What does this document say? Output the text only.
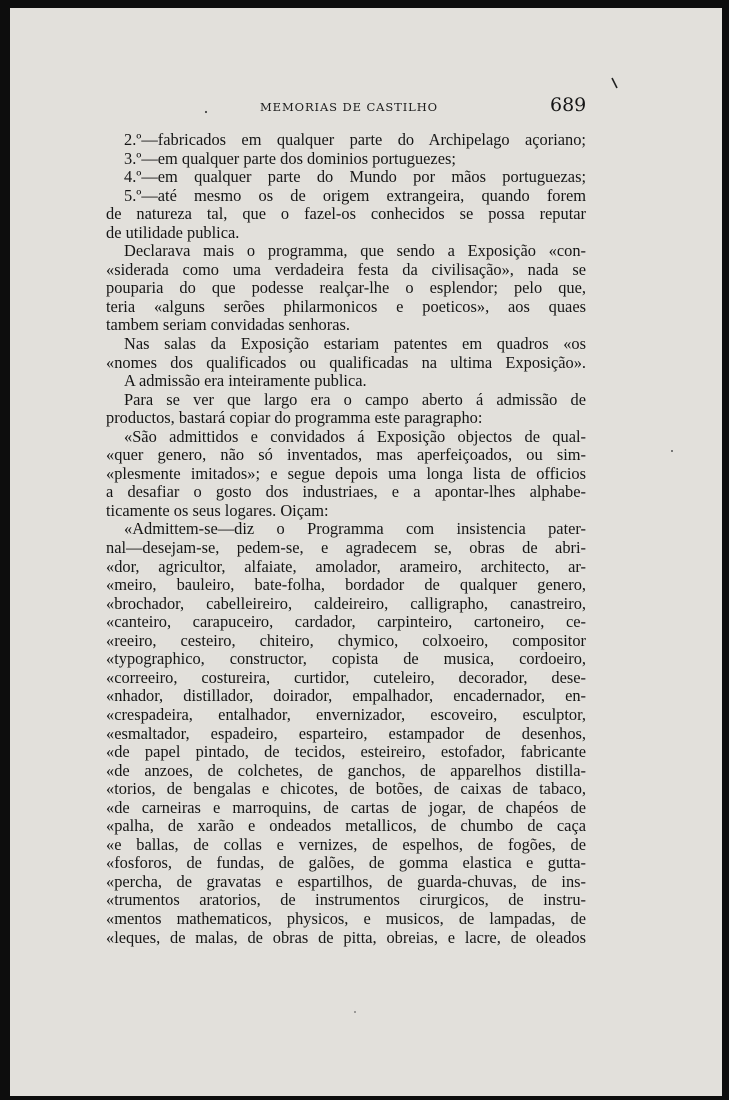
MEMORIAS DE CASTILHO	689
2.º—fabricados em qualquer parte do Archipelago açoriano;
3.º—em qualquer parte dos dominios portuguezes;
4.º—em qualquer parte do Mundo por mãos portuguezas;
5.º—até mesmo os de origem extrangeira, quando forem
de natureza tal, que o fazel-os conhecidos se possa reputar
de utilidade publica.
Declarava mais o programma, que sendo a Exposição «con-
«siderada como uma verdadeira festa da civilisação», nada se
pouparia do que podesse realçar-lhe o esplendor; pelo que,
teria «alguns serões philarmonicos e poeticos», aos quaes
tambem seriam convidadas senhoras.
Nas salas da Exposição estariam patentes em quadros «os
«nomes dos qualificados ou qualificadas na ultima Exposição».
A admissão era inteiramente publica.
Para se ver que largo era o campo aberto á admissão de
productos, bastará copiar do programma este paragrapho:
«São admittidos e convidados á Exposição objectos de qual-
«quer genero, não só inventados, mas aperfeiçoados, ou sim-
«plesmente imitados»; e segue depois uma longa lista de officios
a desafiar o gosto dos industriaes, e a apontar-lhes alphabe-
ticamente os seus logares. Oiçam:
«Admittem-se—diz o Programma com insistencia pater-
nal—desejam-se, pedem-se, e agradecem se, obras de abri-
«dor, agricultor, alfaiate, amolador, arameiro, architecto, ar-
«meiro, bauleiro, bate-folha, bordador de qualquer genero,
«brochador, cabelleireiro, caldeireiro, calligrapho, canastreiro,
«canteiro, carapuceiro, cardador, carpinteiro, cartoneiro, ce-
«reeiro, cesteiro, chiteiro, chymico, colxoeiro, compositor
«typographico, constructor, copista de musica, cordoeiro,
«correeiro, costureira, curtidor, cuteleiro, decorador, dese-
«nhador, distillador, doirador, empalhador, encadernador, en-
«crespadeira, entalhador, envernizador, escoveiro, esculptor,
«esmaltador, espadeiro, esparteiro, estampador de desenhos,
«de papel pintado, de tecidos, esteireiro, estofador, fabricante
«de anzoes, de colchetes, de ganchos, de apparelhos distilla-
«torios, de bengalas e chicotes, de botões, de caixas de tabaco,
«de carneiras e marroquins, de cartas de jogar, de chapéos de
«palha, de xarão e ondeados metallicos, de chumbo de caça
«e ballas, de collas e vernizes, de espelhos, de fogões, de
«fosforos, de fundas, de galões, de gomma elastica e gutta-
«percha, de gravatas e espartilhos, de guarda-chuvas, de ins-
«trumentos aratorios, de instrumentos cirurgicos, de instru-
«mentos mathematicos, physicos, e musicos, de lampadas, de
«leques, de malas, de obras de pitta, obreias, e lacre, de oleados
